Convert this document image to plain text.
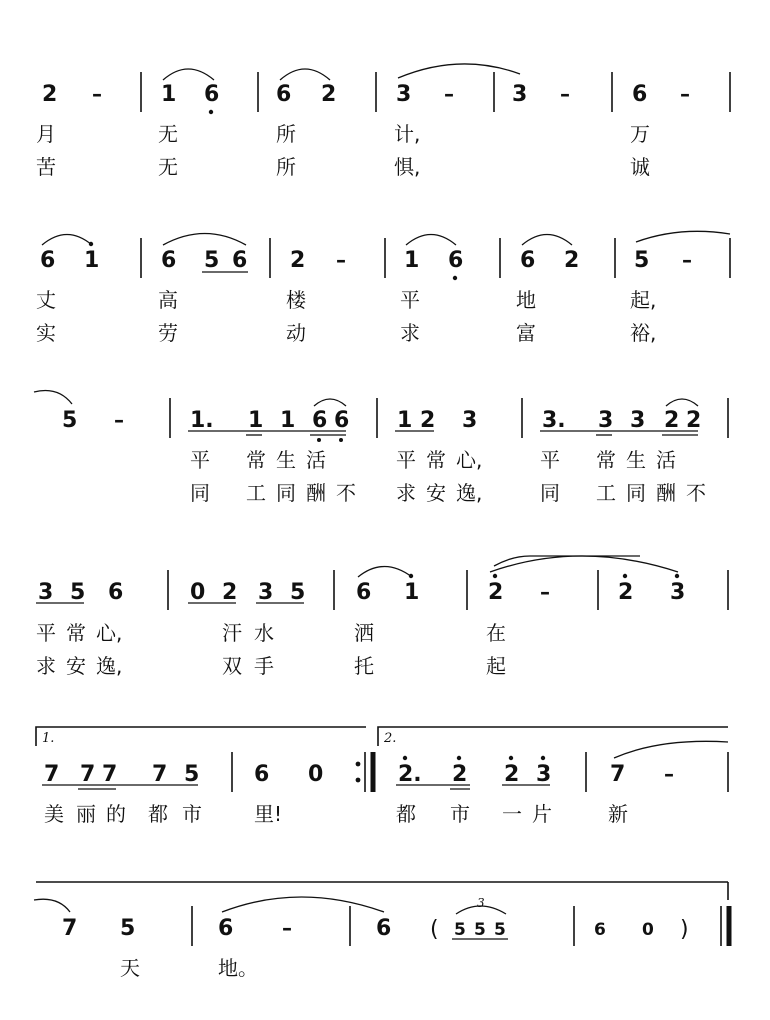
2 –	1 6	6 2	3 –	3 –	6 –
月	无	所	计,	万
苦	无	所	惧,	诚
6 1	6 5 6 2 –	1 6	6 2 5 –
丈	高	楼	平	地	起,
实	劳	动	求	富	裕,
5 –	1. 1 1 6 6 1 2 3	3. 3 3 2 2
平 常 生 活	平 常 心,	平 常 生 活
同 工 同 酬 不 求 安 逸,	同 工 同 酬 不
3 5 6	0 2 3 5 6 1	2 –	2 3
平 常 心,	汗 水	洒	在
求 安 逸,	双 手	托	起
1.	2.
7 7 7 7 5 6 0	2. 2 2 3	7 –
美 丽 的 都 市	里!	都 市 一 片	新
7 5	6 –	6 ( 5 5 5
3
6 0 )
天	地。
